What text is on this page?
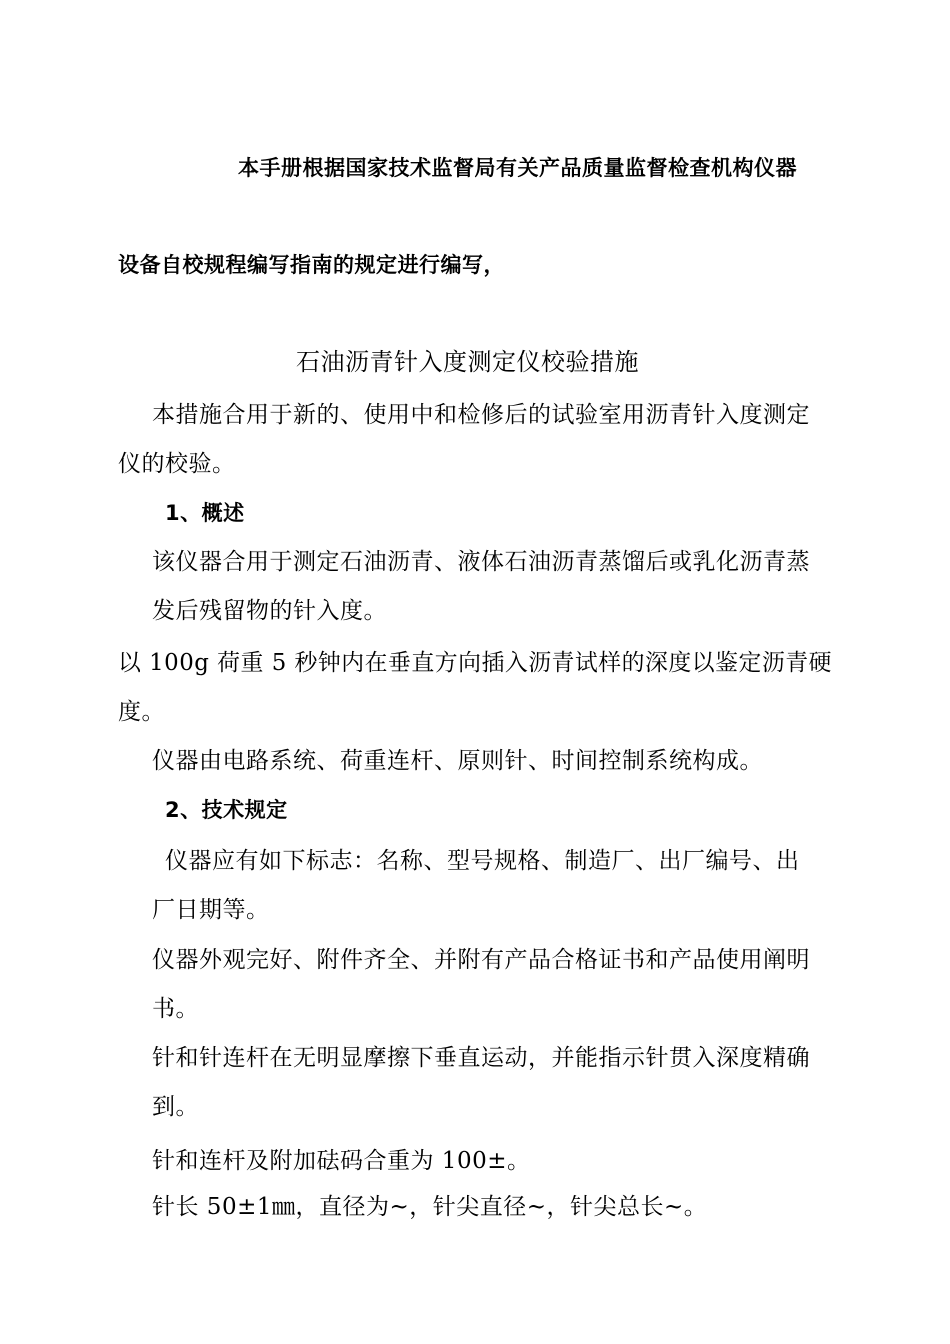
本手册根据国家技术监督局有关产品质量监督检查机构仪器
设备自校规程编写指南的规定进行编写，
石油沥青针入度测定仪校验措施
本措施合用于新的、使用中和检修后的试验室用沥青针入度测定
仪的校验。
1、概述
该仪器合用于测定石油沥青、液体石油沥青蒸馏后或乳化沥青蒸
发后残留物的针入度。
以 100g 荷重 5 秒钟内在垂直方向插入沥青试样的深度以鉴定沥青硬
度。
仪器由电路系统、荷重连杆、原则针、时间控制系统构成。
2、技术规定
仪器应有如下标志：名称、型号规格、制造厂、出厂编号、出
厂日期等。
仪器外观完好、附件齐全、并附有产品合格证书和产品使用阐明
书。
针和针连杆在无明显摩擦下垂直运动，并能指示针贯入深度精确
到。
针和连杆及附加砝码合重为 100±。
针长 50±1㎜，直径为~，针尖直径~，针尖总长~。
